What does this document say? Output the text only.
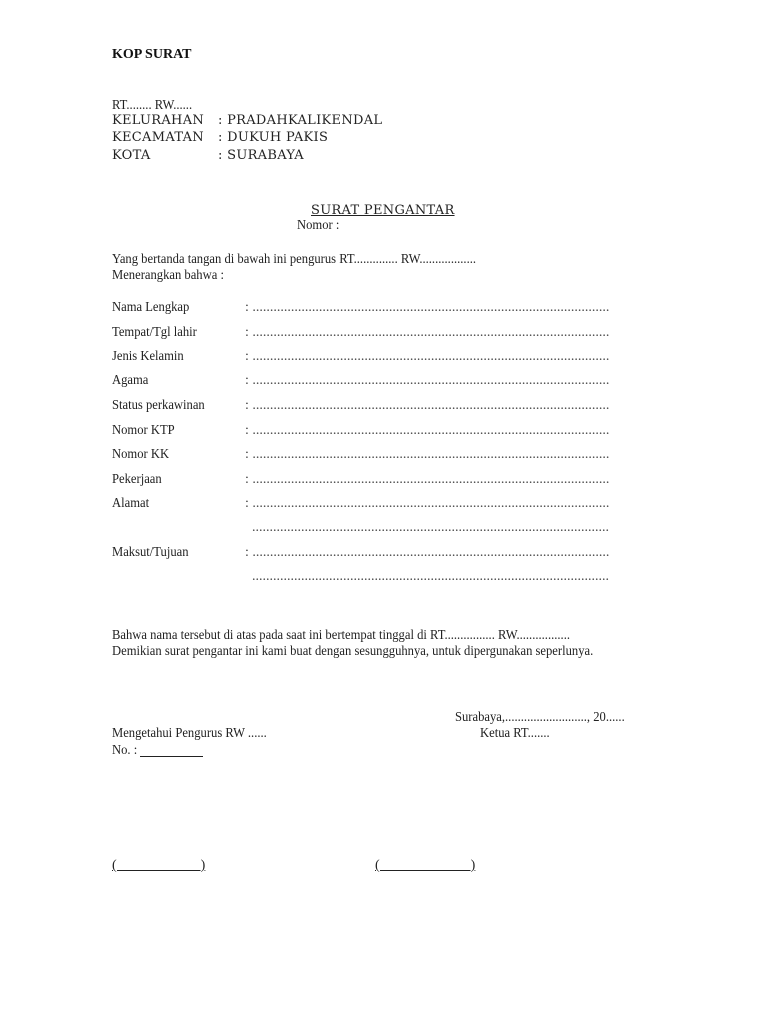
KOP SURAT
RT........ RW......
KELURAHAN : PRADAHKALIKENDAL
KECAMATAN : DUKUH PAKIS
KOTA	: SURABAYA
SURAT PENGANTAR
Nomor :
Yang bertanda tangan di bawah ini pengurus RT.............. RW..................
Menerangkan bahwa :
Nama Lengkap	: ......................................................................................................
Tempat/Tgl lahir	: ......................................................................................................
Jenis Kelamin	: ......................................................................................................
Agama	: ......................................................................................................
Status perkawinan	: ......................................................................................................
Nomor KTP	: ......................................................................................................
Nomor KK	: ......................................................................................................
Pekerjaan	: ......................................................................................................
Alamat	: ......................................................................................................
......................................................................................................
Maksut/Tujuan	: ......................................................................................................
......................................................................................................
Bahwa nama tersebut di atas pada saat ini bertempat tinggal di RT................ RW.................
Demikian surat pengantar ini kami buat dengan sesungguhnya, untuk dipergunakan seperlunya.
Surabaya,.........................., 20......
Mengetahui Pengurus RW ......	Ketua RT.......
No. :
(                        )	(                          )
